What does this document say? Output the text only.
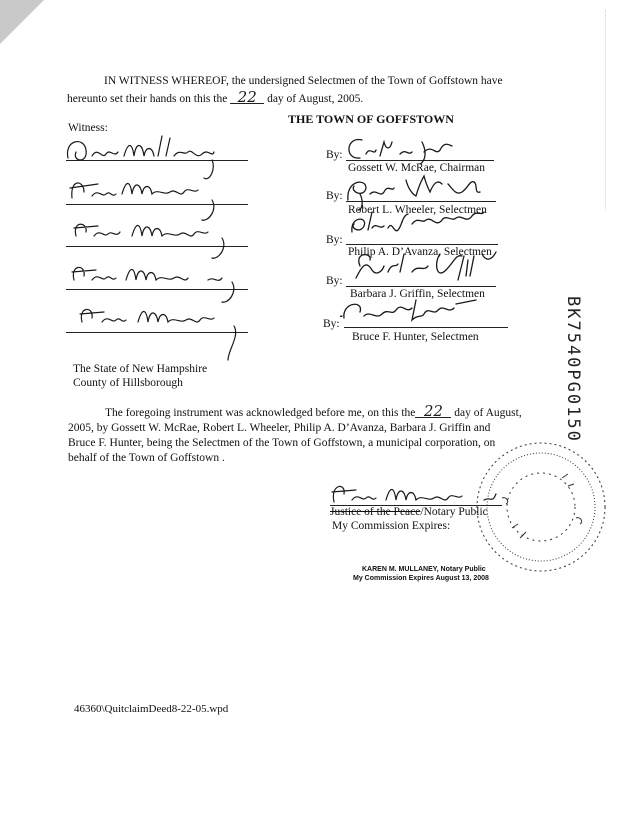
IN WITNESS WHEREOF, the undersigned Selectmen of the Town of Goffstown have
hereunto set their hands on this the 22 day of August, 2005.
Witness:
THE TOWN OF GOFFSTOWN
By:
Gossett W. McRae, Chairman
By:
Robert L. Wheeler, Selectmen
By:
Philip A. D’Avanza, Selectmen
By:
Barbara J. Griffin, Selectmen
By:
Bruce F. Hunter, Selectmen	BK7540PG0150
The State of New Hampshire
County of Hillsborough
The foregoing instrument was acknowledged before me, on this the 22 day of August,
2005, by Gossett W. McRae, Robert L. Wheeler, Philip A. D’Avanza, Barbara J. Griffin and
Bruce F. Hunter, being the Selectmen of the Town of Goffstown, a municipal corporation, on
behalf of the Town of Goffstown .
Justice of the Peace/Notary Public
My Commission Expires:
KAREN M. MULLANEY, Notary Public
My Commission Expires August 13, 2008
46360\QuitclaimDeed8-22-05.wpd
